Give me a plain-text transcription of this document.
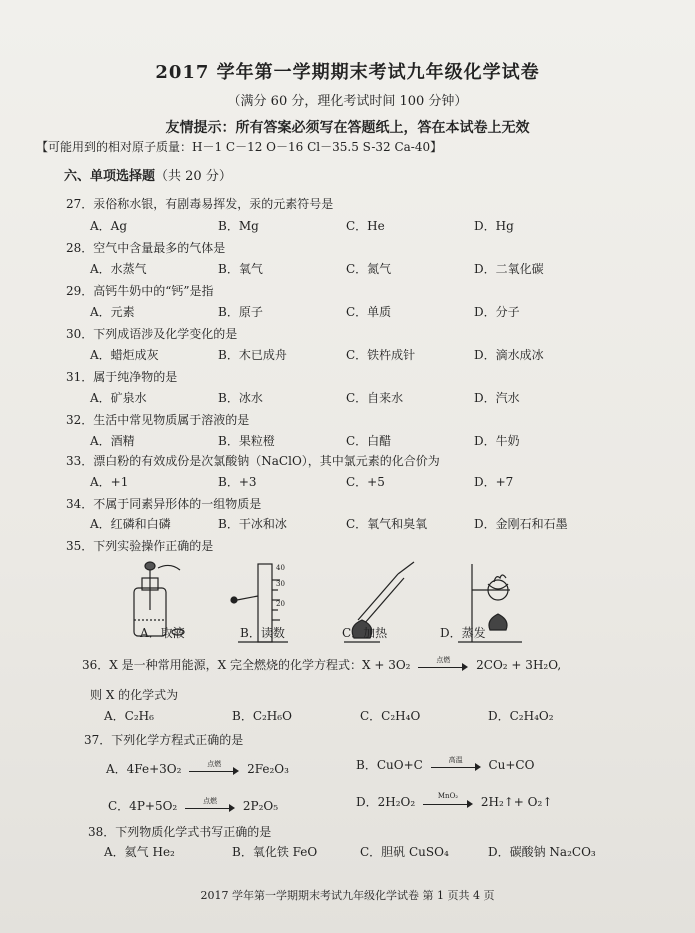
2017 学年第一学期期末考试九年级化学试卷
（满分 60 分，理化考试时间 100 分钟）
友情提示：所有答案必须写在答题纸上，答在本试卷上无效
【可能用到的相对原子质量：H－1 C－12 O－16 Cl－35.5 S-32 Ca-40】
六、单项选择题（共 20 分）
27．汞俗称水银，有剧毒易挥发，汞的元素符号是
A．Ag	B．Mg	C．He	D．Hg
28．空气中含量最多的气体是
A．水蒸气	B．氧气	C．氮气	D．二氧化碳
29．高钙牛奶中的“钙”是指
A．元素	B．原子	C．单质	D．分子
30．下列成语涉及化学变化的是
A．蜡炬成灰	B．木已成舟	C．铁杵成针	D．滴水成冰
31．属于纯净物的是
A．矿泉水	B．冰水	C．自来水	D．汽水
32．生活中常见物质属于溶液的是
A．酒精	B．果粒橙	C．白醋	D．牛奶
33．漂白粉的有效成份是次氯酸钠（NaClO），其中氯元素的化合价为
A．+1	B．+3	C．+5	D．+7
34．不属于同素异形体的一组物质是
A．红磷和白磷	B．干冰和冰	C．氧气和臭氧	D．金刚石和石墨
35．下列实验操作正确的是
40
30
20
A．取液	B．读数	C．加热	D．蒸发
36．X 是一种常用能源，X 完全燃烧的化学方程式：X + 3O₂	点燃	2CO₂ + 3H₂O,
则 X 的化学式为
A．C₂H₆	B．C₂H₆O	C．C₂H₄O	D．C₂H₄O₂
37．下列化学方程式正确的是
A．4Fe+3O₂	点燃	2Fe₂O₃	B．CuO+C	高温	Cu+CO
C．4P+5O₂	点燃	2P₂O₅	D．2H₂O₂	MnO₂	2H₂↑+ O₂↑
38．下列物质化学式书写正确的是
A．氦气 He₂	B．氧化铁 FeO	C．胆矾 CuSO₄	D．碳酸钠 Na₂CO₃
2017 学年第一学期期末考试九年级化学试卷 第 1 页共 4 页
